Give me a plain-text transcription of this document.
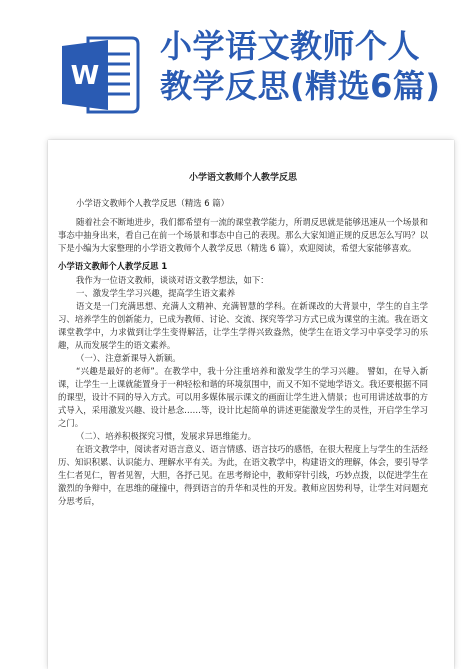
W
小学语文教师个人
教学反思(精选6篇)
小学语文教师个人教学反思
小学语文教师个人教学反思（精选 6 篇）

随着社会不断地进步，我们都希望有一流的课堂教学能力，所谓反思就是能够迅速从一个场景和事态中抽身出来，看自己在前一个场景和事态中自己的表现。那么大家知道正规的反思怎么写吗？以下是小编为大家整理的小学语文教师个人教学反思（精选 6 篇），欢迎阅读，希望大家能够喜欢。

小学语文教师个人教学反思 1

我作为一位语文教师，谈谈对语文教学想法，如下：

一、激发学生学习兴趣，提高学生语文素养

语文是一门充满思想、充满人文精神、充满智慧的学科。在新课改的大背景中，学生的自主学习、培养学生的创新能力，已成为教师、讨论、交流、探究等学习方式已成为课堂的主流。我在语文课堂教学中，力求做到让学生变得解活，让学生学得兴致盎然，使学生在语文学习中享受学习的乐趣，从而发展学生的语文素养。

（一）、注意新课导入新颖。

“兴趣是最好的老师”。在教学中，我十分注重培养和激发学生的学习兴趣。 譬如，在导入新课，让学生一上课就能置身于一种轻松和谐的环境氛围中，而又不知不觉地学语文。我还要根据不同的课型，设计不同的导入方式。可以用多媒体展示课文的画面让学生进入情景；也可用讲述故事的方式导入，采用激发兴趣、设计悬念……等，设计比起简单的讲述更能激发学生的灵性，开启学生学习之门。

（二）、培养积极探究习惯，发展求异思维能力。

在语文教学中，阅读者对语言意义、语言情感、语言技巧的感悟，在很大程度上与学生的生活经历、知识积累、认识能力、理解水平有关。为此，在语文教学中，构建语文的理解，体会，要引导学生仁者见仁，智者见智，大胆，各抒己见。在思考辩论中，教师穿针引线，巧妙点拨，以促进学生在激烈的争辩中，在思维的碰撞中，得到语言的升华和灵性的开发。教师应因势利导，让学生对问题充分思考后，
